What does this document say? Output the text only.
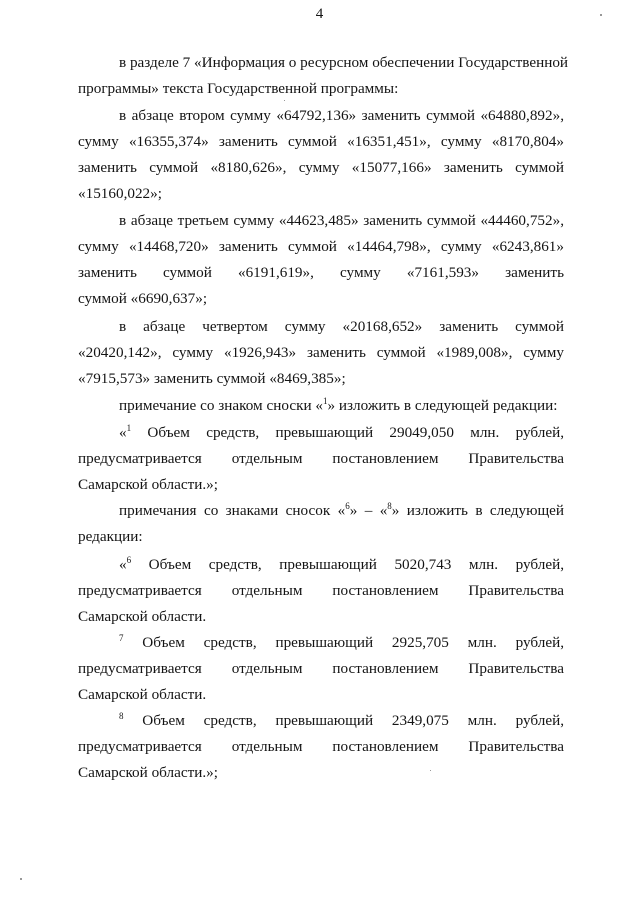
4
в разделе 7 «Информация о ресурсном обеспечении Государственной
программы» текста Государственной программы:
в абзаце втором сумму «64792,136» заменить суммой «64880,892»,
сумму «16355,374» заменить суммой «16351,451», сумму «8170,804»
заменить суммой «8180,626», сумму «15077,166» заменить суммой
«15160,022»;
в абзаце третьем сумму «44623,485» заменить суммой «44460,752»,
сумму «14468,720» заменить суммой «14464,798», сумму «6243,861»
заменить суммой «6191,619», сумму «7161,593» заменить
суммой «6690,637»;
в абзаце четвертом сумму «20168,652» заменить суммой
«20420,142», сумму «1926,943» заменить суммой «1989,008», сумму
«7915,573» заменить суммой «8469,385»;
примечание со знаком сноски «$^1$» изложить в следующей редакции:
«$^1$ Объем средств, превышающий 29049,050 млн. рублей,
предусматривается отдельным постановлением Правительства
Самарской области.»;
примечания со знаками сносок «$^6$» – «$^8$» изложить в следующей
редакции:
«$^6$ Объем средств, превышающий 5020,743 млн. рублей,
предусматривается отдельным постановлением Правительства
Самарской области.
$^7$ Объем средств, превышающий 2925,705 млн. рублей,
предусматривается отдельным постановлением Правительства
Самарской области.
$^8$ Объем средств, превышающий 2349,075 млн. рублей,
предусматривается отдельным постановлением Правительства
Самарской области.»;
